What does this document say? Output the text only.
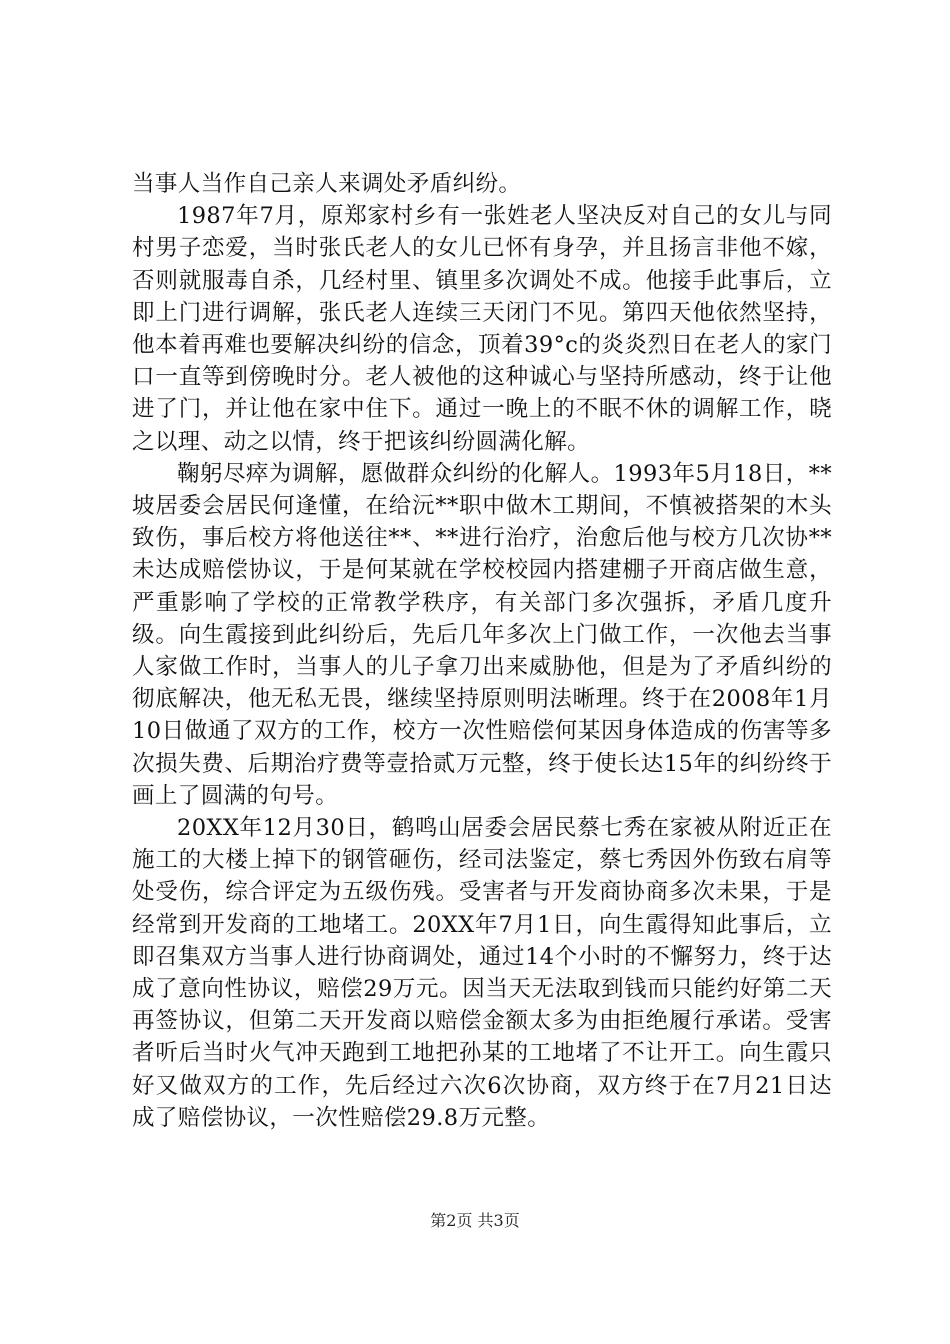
当事人当作自己亲人来调处矛盾纠纷。

1987年7月，原郑家村乡有一张姓老人坚决反对自己的女儿与同村男子恋爱，当时张氏老人的女儿已怀有身孕，并且扬言非他不嫁，否则就服毒自杀，几经村里、镇里多次调处不成。他接手此事后，立即上门进行调解，张氏老人连续三天闭门不见。第四天他依然坚持，他本着再难也要解决纠纷的信念，顶着39°c的炎炎烈日在老人的家门口一直等到傍晚时分。老人被他的这种诚心与坚持所感动，终于让他进了门，并让他在家中住下。通过一晚上的不眠不休的调解工作，晓之以理、动之以情，终于把该纠纷圆满化解。

鞠躬尽瘁为调解，愿做群众纠纷的化解人。1993年5月18日，**坡居委会居民何逢懂，在给沅**职中做木工期间，不慎被搭架的木头致伤，事后校方将他送往**、**进行治疗，治愈后他与校方几次协**未达成赔偿协议，于是何某就在学校校园内搭建棚子开商店做生意，严重影响了学校的正常教学秩序，有关部门多次强拆，矛盾几度升级。向生霞接到此纠纷后，先后几年多次上门做工作，一次他去当事人家做工作时，当事人的儿子拿刀出来威胁他，但是为了矛盾纠纷的彻底解决，他无私无畏，继续坚持原则明法晰理。终于在2008年1月10日做通了双方的工作，校方一次性赔偿何某因身体造成的伤害等多次损失费、后期治疗费等壹拾贰万元整，终于使长达15年的纠纷终于画上了圆满的句号。

20XX年12月30日，鹤鸣山居委会居民蔡七秀在家被从附近正在施工的大楼上掉下的钢管砸伤，经司法鉴定，蔡七秀因外伤致右肩等处受伤，综合评定为五级伤残。受害者与开发商协商多次未果，于是经常到开发商的工地堵工。20XX年7月1日，向生霞得知此事后，立即召集双方当事人进行协商调处，通过14个小时的不懈努力，终于达成了意向性协议，赔偿29万元。因当天无法取到钱而只能约好第二天再签协议，但第二天开发商以赔偿金额太多为由拒绝履行承诺。受害者听后当时火气冲天跑到工地把孙某的工地堵了不让开工。向生霞只好又做双方的工作，先后经过六次6次协商，双方终于在7月21日达成了赔偿协议，一次性赔偿29.8万元整。

第2页 共3页
